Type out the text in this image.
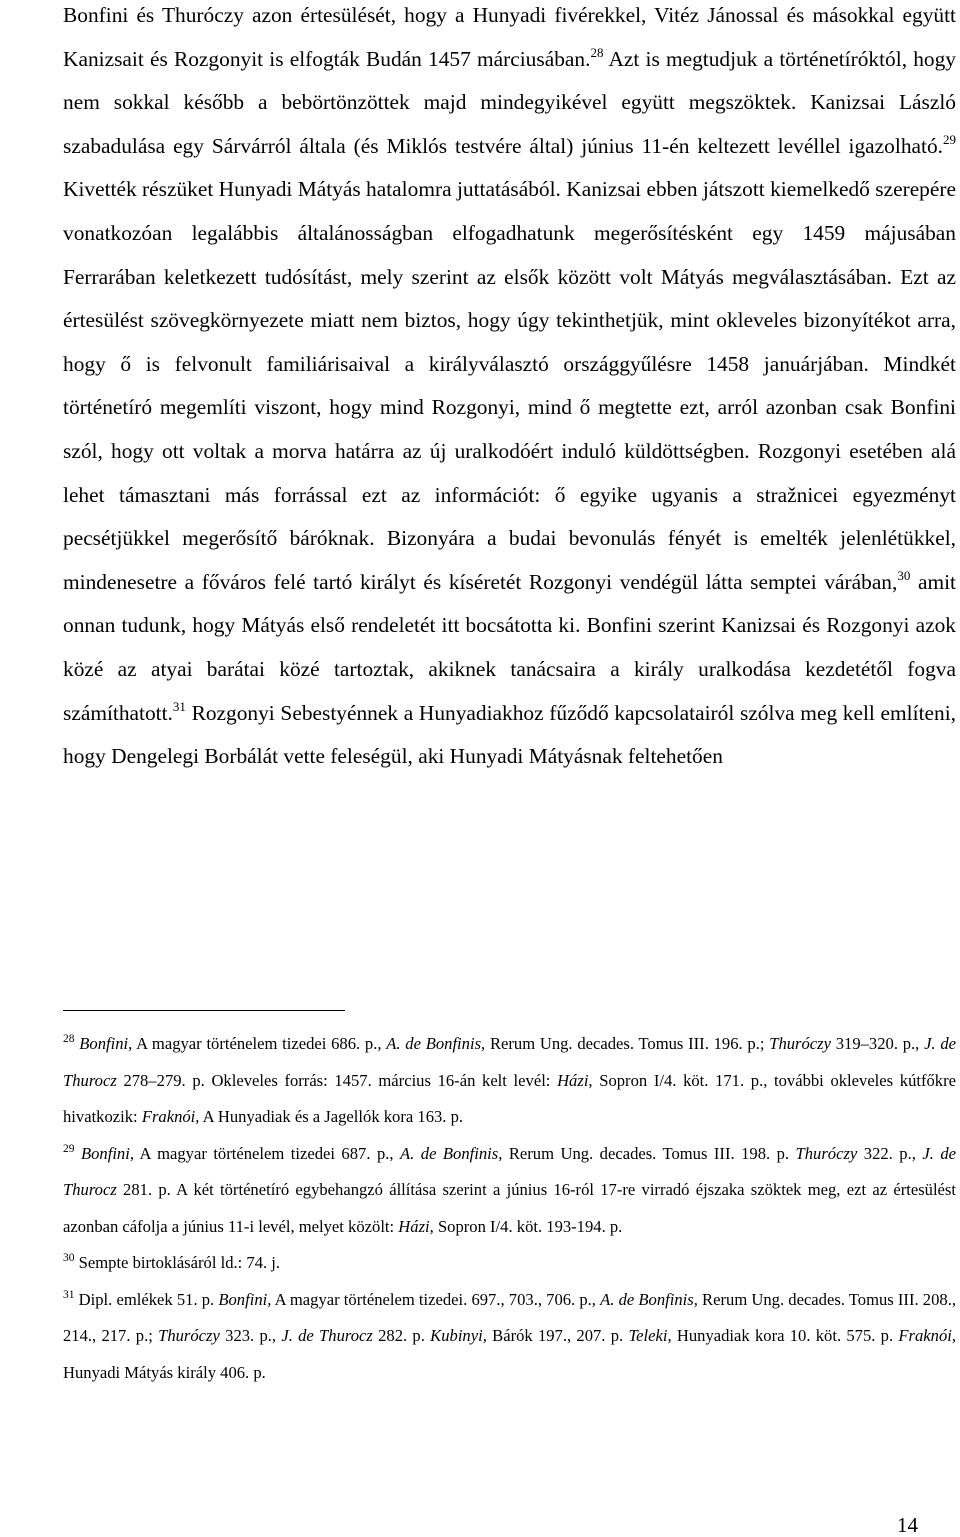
Bonfini és Thuróczy azon értesülését, hogy a Hunyadi fivérekkel, Vitéz Jánossal és másokkal együtt Kanizsait és Rozgonyit is elfogták Budán 1457 márciusában.$^{28}$ Azt is megtudjuk a történetíróktól, hogy nem sokkal később a bebörtönzöttek majd mindegyikével együtt megszöktek. Kanizsai László szabadulása egy Sárvárról általa (és Miklós testvére által) június 11-én keltezett levéllel igazolható.$^{29}$ Kivették részüket Hunyadi Mátyás hatalomra juttatásából. Kanizsai ebben játszott kiemelkedő szerepére vonatkozóan legalábbis általánosságban elfogadhatunk megerősítésként egy 1459 májusában Ferrarában keletkezett tudósítást, mely szerint az elsők között volt Mátyás megválasztásában. Ezt az értesülést szövegkörnyezete miatt nem biztos, hogy úgy tekinthetjük, mint okleveles bizonyítékot arra, hogy ő is felvonult familiárisaival a királyválasztó országgyűlésre 1458 januárjában. Mindkét történetíró megemlíti viszont, hogy mind Rozgonyi, mind ő megtette ezt, arról azonban csak Bonfini szól, hogy ott voltak a morva határra az új uralkodóért induló küldöttségben. Rozgonyi esetében alá lehet támasztani más forrással ezt az információt: ő egyike ugyanis a stražnicei egyezményt pecsétjükkel megerősítő báróknak. Bizonyára a budai bevonulás fényét is emelték jelenlétükkel, mindenesetre a főváros felé tartó királyt és kíséretét Rozgonyi vendégül látta semptei várában,$^{30}$ amit onnan tudunk, hogy Mátyás első rendeletét itt bocsátotta ki. Bonfini szerint Kanizsai és Rozgonyi azok közé az atyai barátai közé tartoztak, akiknek tanácsaira a király uralkodása kezdetétől fogva számíthatott.$^{31}$ Rozgonyi Sebestyénnek a Hunyadiakhoz fűződő kapcsolatairól szólva meg kell említeni, hogy Dengelegi Borbálát vette feleségül, aki Hunyadi Mátyásnak feltehetően

$^{28}$ Bonfini, A magyar történelem tizedei 686. p., A. de Bonfinis, Rerum Ung. decades. Tomus III. 196. p.; Thuróczy 319–320. p., J. de Thurocz 278–279. p. Okleveles forrás: 1457. március 16-án kelt levél: Házi, Sopron I/4. köt. 171. p., további okleveles kútfőkre hivatkozik: Fraknói, A Hunyadiak és a Jagellók kora 163. p.

$^{29}$ Bonfini, A magyar történelem tizedei 687. p., A. de Bonfinis, Rerum Ung. decades. Tomus III. 198. p. Thuróczy 322. p., J. de Thurocz 281. p. A két történetíró egybehangzó állítása szerint a június 16-ról 17-re virradó éjszaka szöktek meg, ezt az értesülést azonban cáfolja a június 11-i levél, melyet közölt: Házi, Sopron I/4. köt. 193-194. p.

$^{30}$ Sempte birtoklásáról ld.: 74. j.

$^{31}$ Dipl. emlékek 51. p. Bonfini, A magyar történelem tizedei. 697., 703., 706. p., A. de Bonfinis, Rerum Ung. decades. Tomus III. 208., 214., 217. p.; Thuróczy 323. p., J. de Thurocz 282. p. Kubinyi, Bárók 197., 207. p. Teleki, Hunyadiak kora 10. köt. 575. p. Fraknói, Hunyadi Mátyás király 406. p.

14
